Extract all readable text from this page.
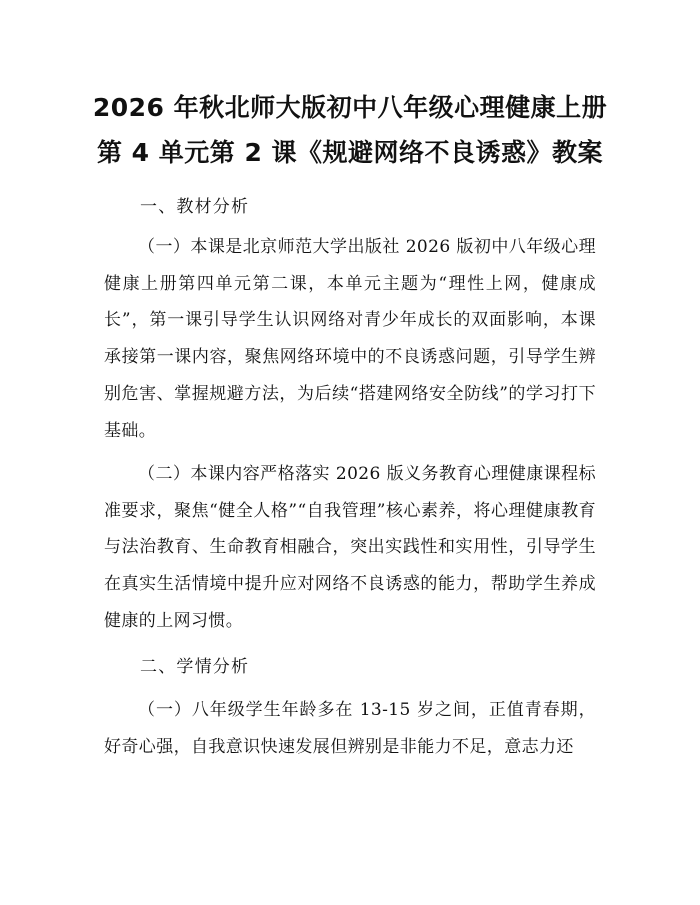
2026 年秋北师大版初中八年级心理健康上册
第 4 单元第 2 课《规避网络不良诱惑》教案
一、教材分析

（一）本课是北京师范大学出版社 2026 版初中八年级心理健康上册第四单元第二课，本单元主题为“理性上网，健康成长”，第一课引导学生认识网络对青少年成长的双面影响，本课承接第一课内容，聚焦网络环境中的不良诱惑问题，引导学生辨别危害、掌握规避方法，为后续“搭建网络安全防线”的学习打下基础。

（二）本课内容严格落实 2026 版义务教育心理健康课程标准要求，聚焦“健全人格”“自我管理”核心素养，将心理健康教育与法治教育、生命教育相融合，突出实践性和实用性，引导学生在真实生活情境中提升应对网络不良诱惑的能力，帮助学生养成健康的上网习惯。

二、学情分析

（一）八年级学生年龄多在 13-15 岁之间，正值青春期，好奇心强，自我意识快速发展但辨别是非能力不足，意志力还
